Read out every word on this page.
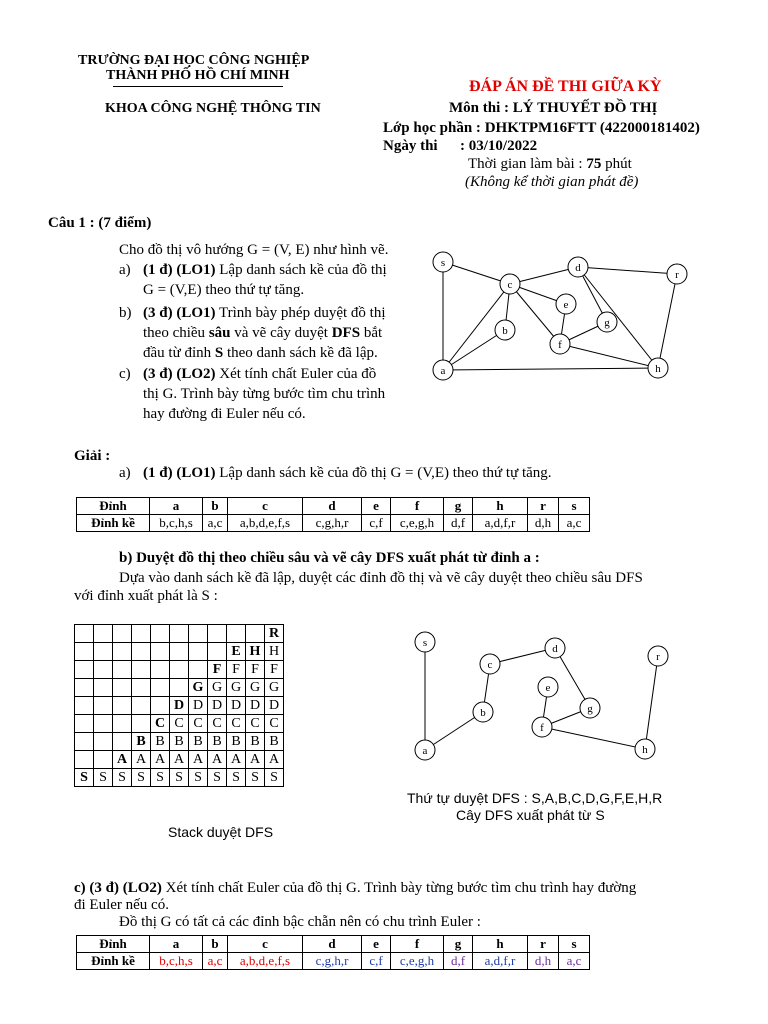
TRƯỜNG ĐẠI HỌC CÔNG NGHIỆP
THÀNH PHỐ HỒ CHÍ MINH
KHOA CÔNG NGHỆ THÔNG TIN
ĐÁP ÁN ĐỀ THI GIỮA KỲ
Môn thi : LÝ THUYẾT ĐỒ THỊ
Lớp học phần : DHKTPM16FTT (422000181402)
Ngày thi : 03/10/2022
Thời gian làm bài : 75 phút
(Không kể thời gian phát đề)
Câu 1 : (7 điểm)
Cho đồ thị vô hướng G = (V, E) như hình vẽ.
a) (1 đ) (LO1) Lập danh sách kề của đồ thị
G = (V,E) theo thứ tự tăng.
b) (3 đ) (LO1) Trình bày phép duyệt đồ thị
theo chiều sâu và vẽ cây duyệt DFS bắt
đầu từ đỉnh S theo danh sách kề đã lập.
c) (3 đ) (LO2) Xét tính chất Euler của đồ
thị G. Trình bày từng bước tìm chu trình
hay đường đi Euler nếu có.
s
c
d
r
e
b
g
f
a	h
Giải :
a) (1 đ) (LO1) Lập danh sách kề của đồ thị G = (V,E) theo thứ tự tăng.
Đỉnh	a	b	c	d	e	f	g	h	r	s
Đỉnh kề	b,c,h,s	a,c	a,b,d,e,f,s	c,g,h,r	c,f	c,e,g,h	d,f	a,d,f,r	d,h	a,c
b) Duyệt đồ thị theo chiều sâu và vẽ cây DFS xuất phát từ đỉnh a :
Dựa vào danh sách kề đã lập, duyệt các đỉnh đồ thị và vẽ cây duyệt theo chiều sâu DFS
với đỉnh xuất phát là S :
										R
								E	H	H
							F	F	F	F
						G	G	G	G	G
					D	D	D	D	D	D
				C	C	C	C	C	C	C
			B	B	B	B	B	B	B	B
		A	A	A	A	A	A	A	A	A
S	S	S	S	S	S	S	S	S	S	S
Stack duyệt DFS
s
c
d
r
e
b	g
f
a	h
Thứ tự duyệt DFS : S,A,B,C,D,G,F,E,H,R
Cây DFS xuất phát từ S
c) (3 đ) (LO2) Xét tính chất Euler của đồ thị G. Trình bày từng bước tìm chu trình hay đường
đi Euler nếu có.
Đồ thị G có tất cả các đỉnh bậc chẵn nên có chu trình Euler :
Đỉnh	a	b	c	d	e	f	g	h	r	s
Đỉnh kề	b,c,h,s	a,c	a,b,d,e,f,s	c,g,h,r	c,f	c,e,g,h	d,f	a,d,f,r	d,h	a,c
